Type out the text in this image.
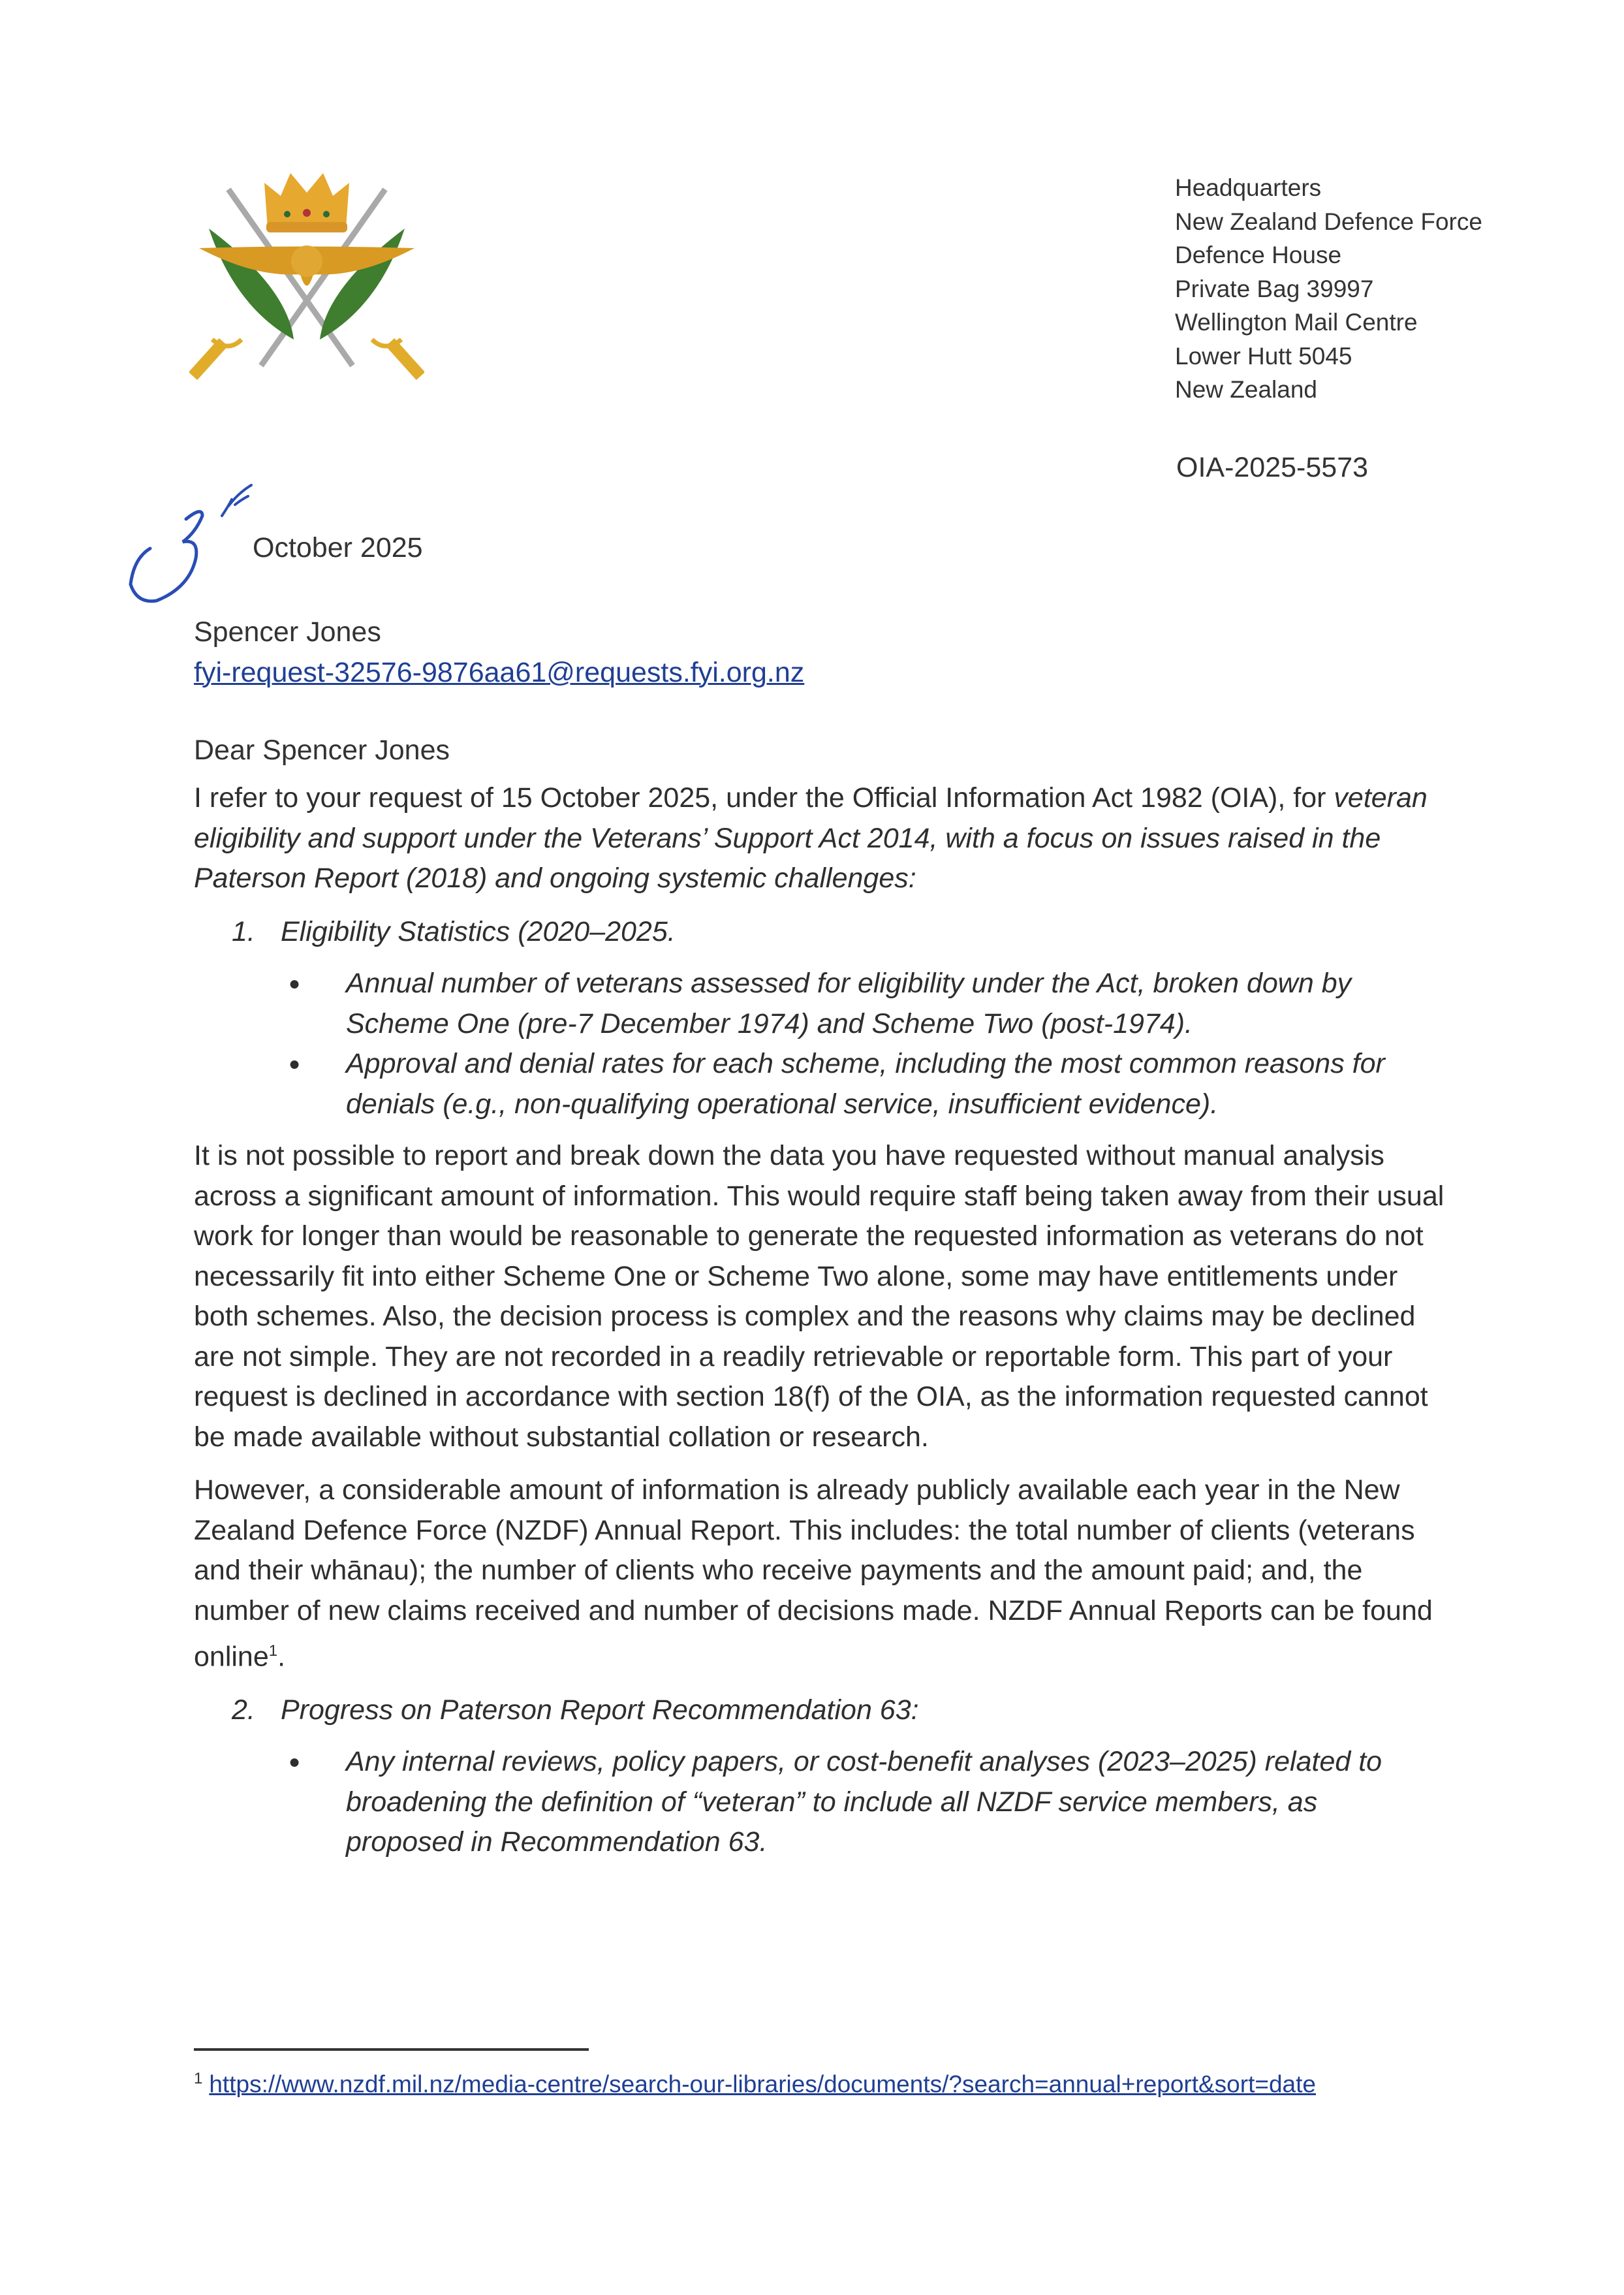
Headquarters
New Zealand Defence Force
Defence House
Private Bag 39997
Wellington Mail Centre
Lower Hutt 5045
New Zealand
OIA-2025-5573
October 2025
Spencer Jones
fyi-request-32576-9876aa61@requests.fyi.org.nz
Dear Spencer Jones

I refer to your request of 15 October 2025, under the Official Information Act 1982 (OIA), for veteran eligibility and support under the Veterans’ Support Act 2014, with a focus on issues raised in the Paterson Report (2018) and ongoing systemic challenges:

1. Eligibility Statistics (2020–2025.
●	Annual number of veterans assessed for eligibility under the Act, broken down by Scheme One (pre-7 December 1974) and Scheme Two (post-1974).
●	Approval and denial rates for each scheme, including the most common reasons for denials (e.g., non-qualifying operational service, insufficient evidence).

It is not possible to report and break down the data you have requested without manual analysis across a significant amount of information. This would require staff being taken away from their usual work for longer than would be reasonable to generate the requested information as veterans do not necessarily fit into either Scheme One or Scheme Two alone, some may have entitlements under both schemes. Also, the decision process is complex and the reasons why claims may be declined are not simple. They are not recorded in a readily retrievable or reportable form. This part of your request is declined in accordance with section 18(f) of the OIA, as the information requested cannot be made available without substantial collation or research.

However, a considerable amount of information is already publicly available each year in the New Zealand Defence Force (NZDF) Annual Report. This includes: the total number of clients (veterans and their whānau); the number of clients who receive payments and the amount paid; and, the number of new claims received and number of decisions made. NZDF Annual Reports can be found online$^1$.

2. Progress on Paterson Report Recommendation 63:
●	Any internal reviews, policy papers, or cost-benefit analyses (2023–2025) related to broadening the definition of “veteran” to include all NZDF service members, as proposed in Recommendation 63.
$^1$ https://www.nzdf.mil.nz/media-centre/search-our-libraries/documents/?search=annual+report&sort=date
